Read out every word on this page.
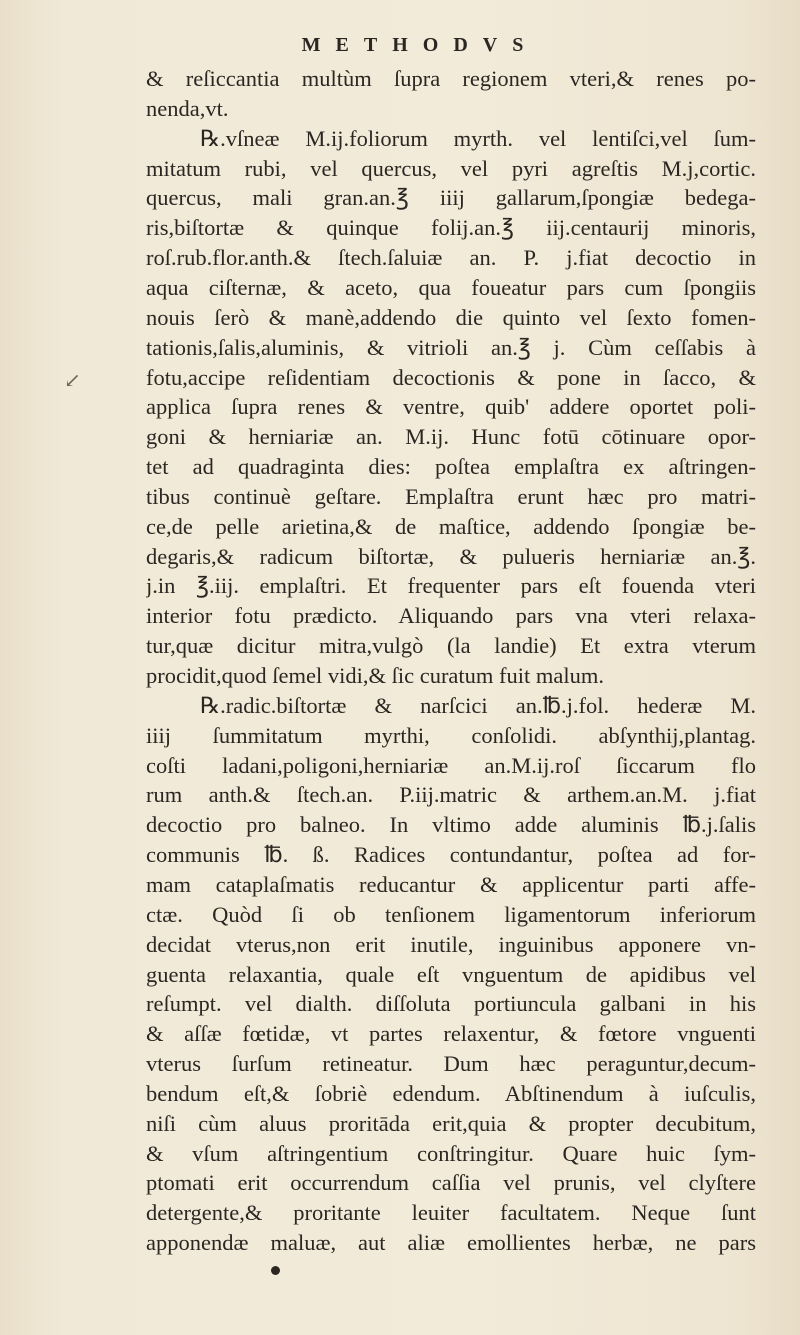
METHODVS
& reſiccantia multùm ſupra regionem vteri,& renes po-
nenda,vt.
℞.vſneæ M.ij.foliorum myrth. vel lentiſci,vel ſum-
mitatum rubi, vel quercus, vel pyri agreſtis M.j,cortic.
quercus, mali gran.an.℥ iiij gallarum,ſpongiæ bedega-
ris,biſtortæ & quinque folij.an.℥ iij.centaurij minoris,
roſ.rub.flor.anth.& ſtech.ſaluiæ an. P. j.fiat decoctio in
aqua ciſternæ, & aceto, qua foueatur pars cum ſpongiis
nouis ſerò & manè,addendo die quinto vel ſexto fomen-
tationis,ſalis,aluminis, & vitrioli an.℥ j. Cùm ceſſabis à
fotu,accipe reſidentiam decoctionis & pone in ſacco, &
applica ſupra renes & ventre, quib' addere oportet poli-
goni & herniariæ an. M.ij. Hunc fotū cōtinuare opor-
tet ad quadraginta dies: poſtea emplaſtra ex aſtringen-
tibus continuè geſtare. Emplaſtra erunt hæc pro matri-
ce,de pelle arietina,& de maſtice, addendo ſpongiæ be-
degaris,& radicum biſtortæ, & pulueris herniariæ an.℥.
j.in ℥.iij. emplaſtri. Et frequenter pars eſt fouenda vteri
interior fotu prædicto. Aliquando pars vna vteri relaxa-
tur,quæ dicitur mitra,vulgò (la landie) Et extra vterum
procidit,quod ſemel vidi,& ſic curatum fuit malum.
℞.radic.biſtortæ & narſcici an.℔.j.fol. hederæ M.
iiij ſummitatum myrthi, conſolidi. abſynthij,plantag.
coſti ladani,poligoni,herniariæ an.M.ij.roſ ſiccarum flo
rum anth.& ſtech.an. P.iij.matric & arthem.an.M. j.fiat
decoctio pro balneo. In vltimo adde aluminis ℔.j.ſalis
communis ℔. ß. Radices contundantur, poſtea ad for-
mam cataplaſmatis reducantur & applicentur parti affe-
ctæ. Quòd ſi ob tenſionem ligamentorum inferiorum
decidat vterus,non erit inutile, inguinibus apponere vn-
guenta relaxantia, quale eſt vnguentum de apidibus vel
reſumpt. vel dialth. diſſoluta portiuncula galbani in his
& aſſæ fœtidæ, vt partes relaxentur, & fœtore vnguenti
vterus ſurſum retineatur. Dum hæc peraguntur,decum-
bendum eſt,& ſobriè edendum. Abſtinendum à iuſculis,
niſi cùm aluus proritāda erit,quia & propter decubitum,
& vſum aſtringentium conſtringitur. Quare huic ſym-
ptomati erit occurrendum caſſia vel prunis, vel clyſtere
detergente,& proritante leuiter facultatem. Neque ſunt
apponendæ maluæ, aut aliæ emollientes herbæ, ne pars
↙
